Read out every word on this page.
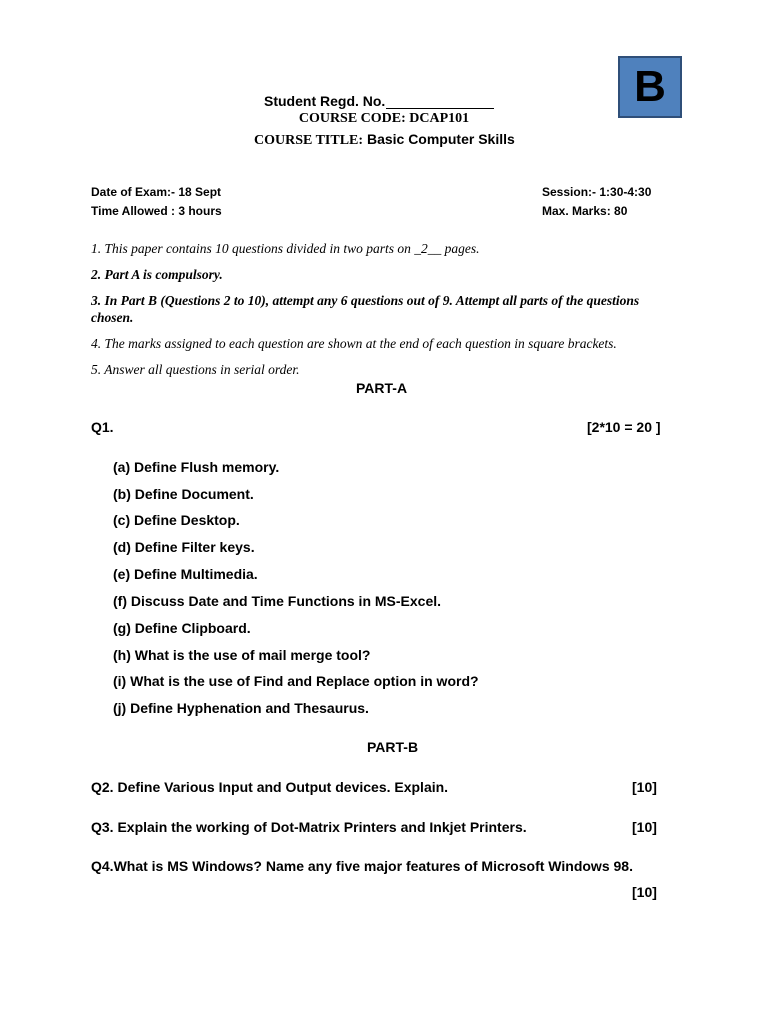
B
Student Regd. No.
COURSE CODE: DCAP101
COURSE TITLE: Basic Computer Skills
Date of Exam:- 18 Sept
Time Allowed : 3 hours
Session:- 1:30-4:30
Max. Marks: 80
1. This paper contains 10 questions divided in two parts on _2__ pages.
2. Part A is compulsory.
3. In Part B (Questions 2 to 10), attempt any 6 questions out of 9. Attempt all parts of the questions chosen.
4. The marks assigned to each question are shown at the end of each question in square brackets.
5. Answer all questions in serial order.
PART-A
Q1.	[2*10 = 20 ]
(a) Define Flush memory.
(b) Define Document.
(c) Define Desktop.
(d) Define Filter keys.
(e) Define Multimedia.
(f) Discuss Date and Time Functions in MS-Excel.
(g) Define Clipboard.
(h) What is the use of mail merge tool?
(i) What is the use of Find and Replace option in word?
(j) Define Hyphenation and Thesaurus.
PART-B
Q2. Define Various Input and Output devices. Explain.	[10]
Q3. Explain the working of Dot-Matrix Printers and Inkjet Printers.	[10]
Q4.What is MS Windows? Name any five major features of Microsoft Windows 98.
[10]
